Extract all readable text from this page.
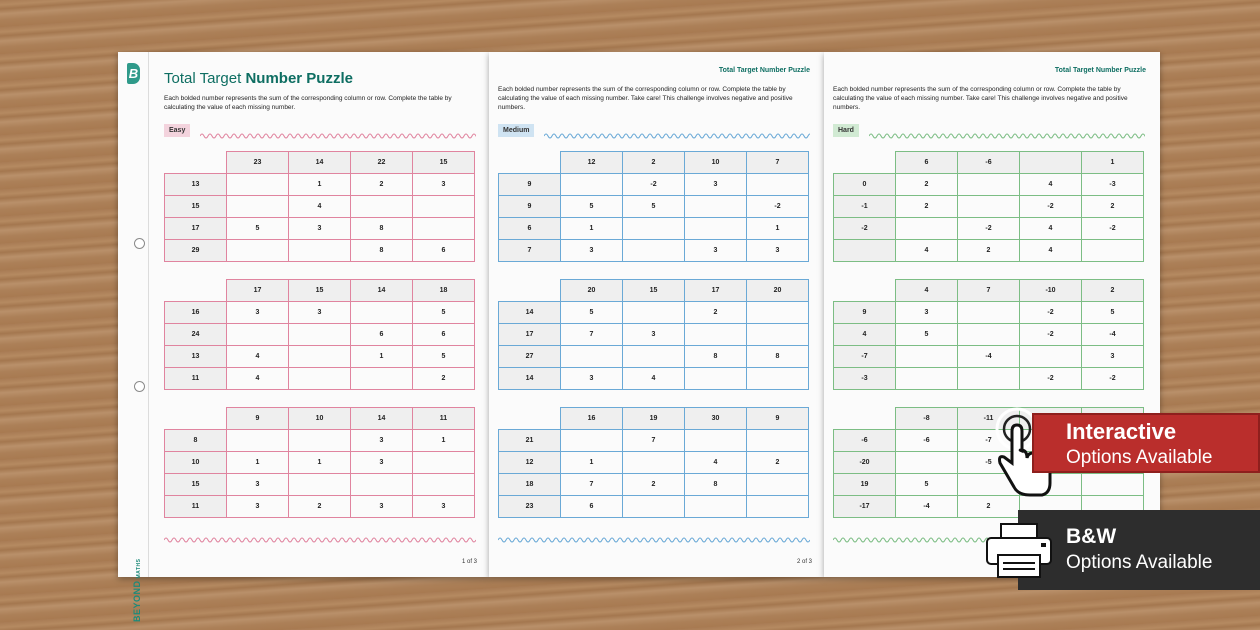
B
BEYONDMATHS
Total Target Number Puzzle
Each bolded number represents the sum of the corresponding column or row. Complete the table by calculating the value of each missing number.
Easy
	23	14	22	15
13		1	2	3
15		4		
17	5	3	8	
29			8	6
	17	15	14	18
16	3	3		5
24			6	6
13	4		1	5
11	4			2
	9	10	14	11
8			3	1
10	1	1	3	
15	3			
11	3	2	3	3
1 of 3
Total Target Number Puzzle
Each bolded number represents the sum of the corresponding column or row. Complete the table by calculating the value of each missing number. Take care! This challenge involves negative and positive numbers.
Medium
	12	2	10	7
9		-2	3	
9	5	5		-2
6	1			1
7	3		3	3
	20	15	17	20
14	5		2	
17	7	3		
27			8	8
14	3	4		
	16	19	30	9
21		7		
12	1		4	2
18	7	2	8	
23	6			
2 of 3
Total Target Number Puzzle
Each bolded number represents the sum of the corresponding column or row. Complete the table by calculating the value of each missing number. Take care! This challenge involves negative and positive numbers.
Hard
	6	-6		1
0	2		4	-3
-1	2		-2	2
-2		-2	4	-2
	4	2	4	
	4	7	-10	2
9	3		-2	5
4	5		-2	-4
-7		-4		3
-3			-2	-2
	-8	-11		
-6	-6	-7		
-20		-5		
19	5			
-17	-4	2		
Interactive
Options Available
B&W
Options Available
